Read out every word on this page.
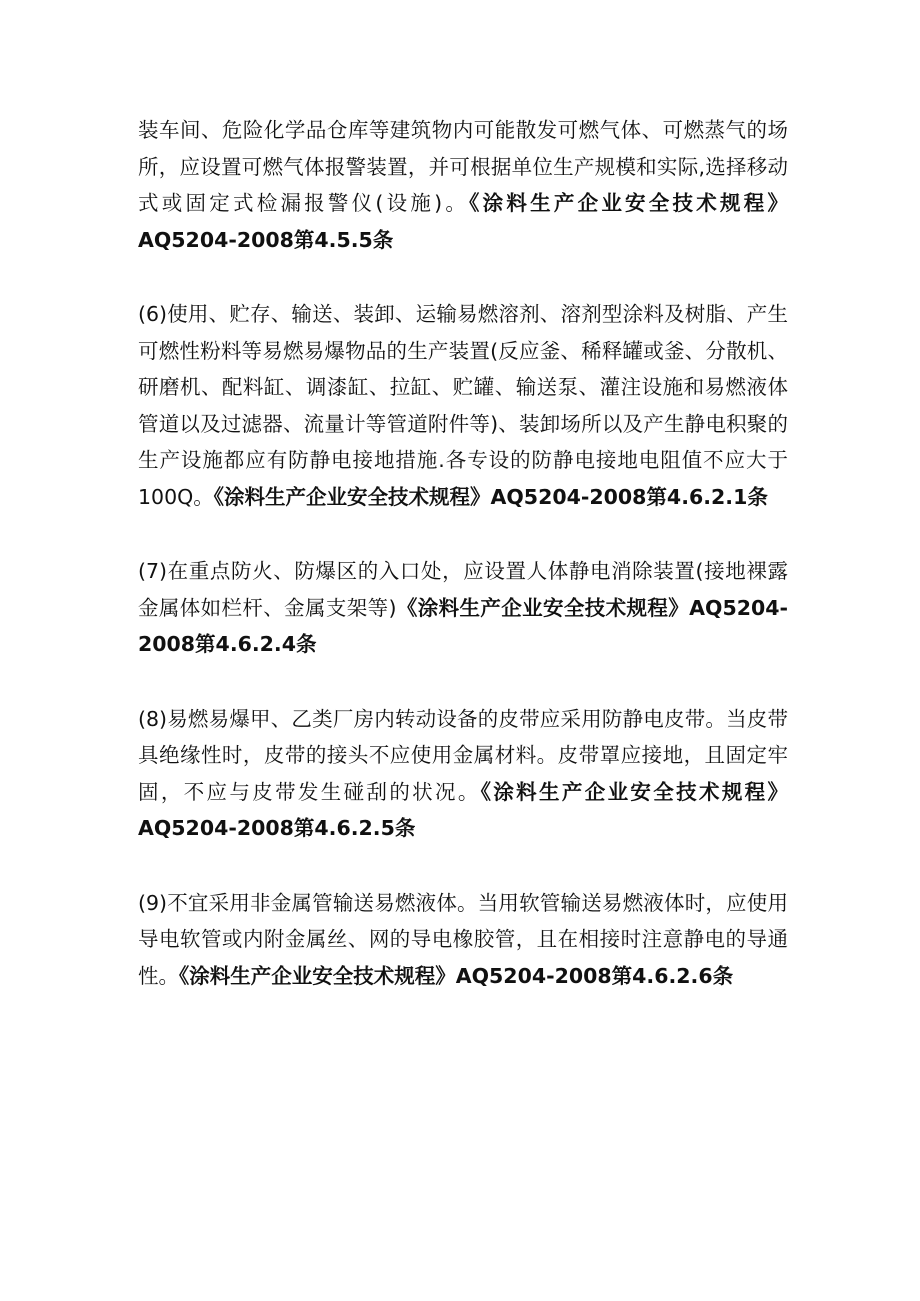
装车间、危险化学品仓库等建筑物内可能散发可燃气体、可燃蒸气的场所，应设置可燃气体报警装置，并可根据单位生产规模和实际,选择移动式或固定式检漏报警仪(设施)。《涂料生产企业安全技术规程》AQ5204-2008第4.5.5条

(6)使用、贮存、输送、装卸、运输易燃溶剂、溶剂型涂料及树脂、产生可燃性粉料等易燃易爆物品的生产装置(反应釜、稀释罐或釜、分散机、研磨机、配料缸、调漆缸、拉缸、贮罐、输送泵、灌注设施和易燃液体管道以及过滤器、流量计等管道附件等)、装卸场所以及产生静电积聚的生产设施都应有防静电接地措施.各专设的防静电接地电阻值不应大于100Q。《涂料生产企业安全技术规程》AQ5204-2008第4.6.2.1条

(7)在重点防火、防爆区的入口处，应设置人体静电消除装置(接地裸露金属体如栏杆、金属支架等)《涂料生产企业安全技术规程》AQ5204-2008第4.6.2.4条

(8)易燃易爆甲、乙类厂房内转动设备的皮带应采用防静电皮带。当皮带具绝缘性时，皮带的接头不应使用金属材料。皮带罩应接地，且固定牢固，不应与皮带发生碰刮的状况。《涂料生产企业安全技术规程》AQ5204-2008第4.6.2.5条

(9)不宜采用非金属管输送易燃液体。当用软管输送易燃液体时，应使用导电软管或内附金属丝、网的导电橡胶管，且在相接时注意静电的导通性。《涂料生产企业安全技术规程》AQ5204-2008第4.6.2.6条
